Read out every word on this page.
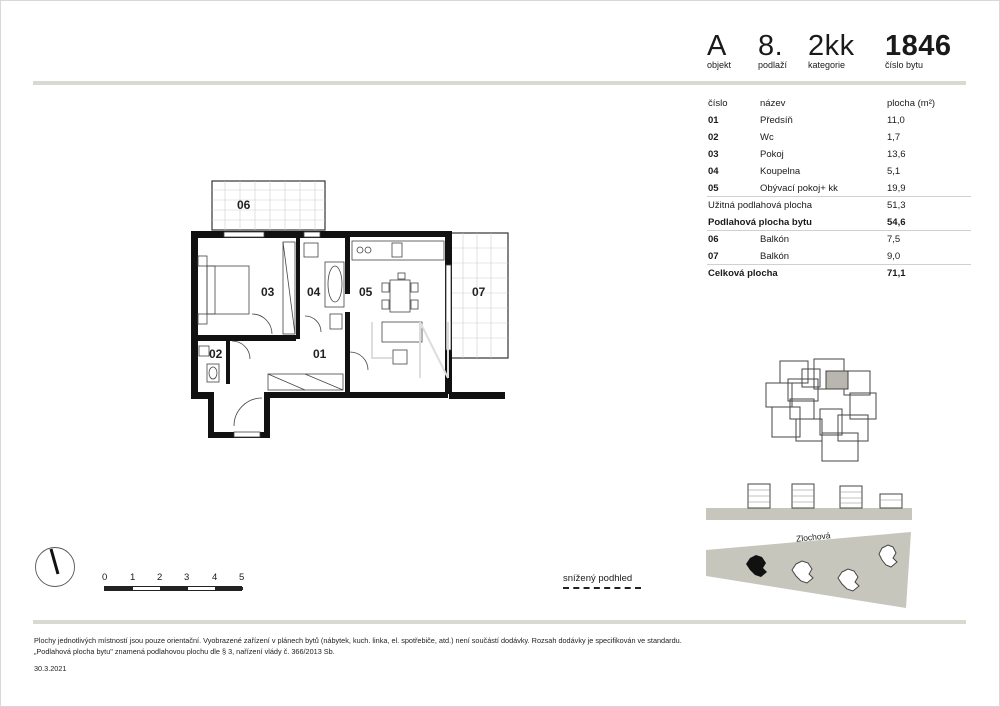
A
objekt
8.
podlaží
2kk
kategorie
1846
číslo bytu
číslo	název	plocha (m²)
01	Předsíň	11,0
02	Wc	1,7
03	Pokoj	13,6
04	Koupelna	5,1
05	Obývací pokoj+ kk	19,9
Užitná podlahová plocha	51,3
Podlahová plocha bytu	54,6
06	Balkón	7,5
07	Balkón	9,0
Celková plocha	71,1
06
03	04	05	07
02	01
0 1 2 3 4 5	snížený podhled
Zlochová
Plochy jednotlivých místností jsou pouze orientační. Vyobrazené zařízení v plánech bytů (nábytek, kuch. linka, el. spotřebiče, atd.) není součástí dodávky. Rozsah dodávky je specifikován ve standardu.
„Podlahová plocha bytu" znamená podlahovou plochu dle § 3, nařízení vlády č. 366/2013 Sb.
30.3.2021
